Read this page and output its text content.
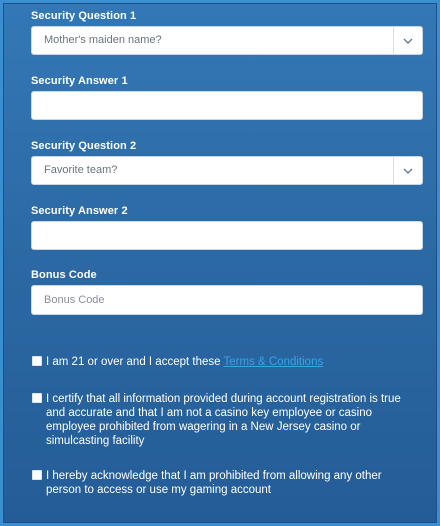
Security Question 1
Mother's maiden name?
Security Answer 1
Security Question 2
Favorite team?
Security Answer 2
Bonus Code
Bonus Code
I am 21 or over and I accept these Terms & Conditions
I certify that all information provided during account registration is true and accurate and that I am not a casino key employee or casino employee prohibited from wagering in a New Jersey casino or simulcasting facility
I hereby acknowledge that I am prohibited from allowing any other person to access or use my gaming account
